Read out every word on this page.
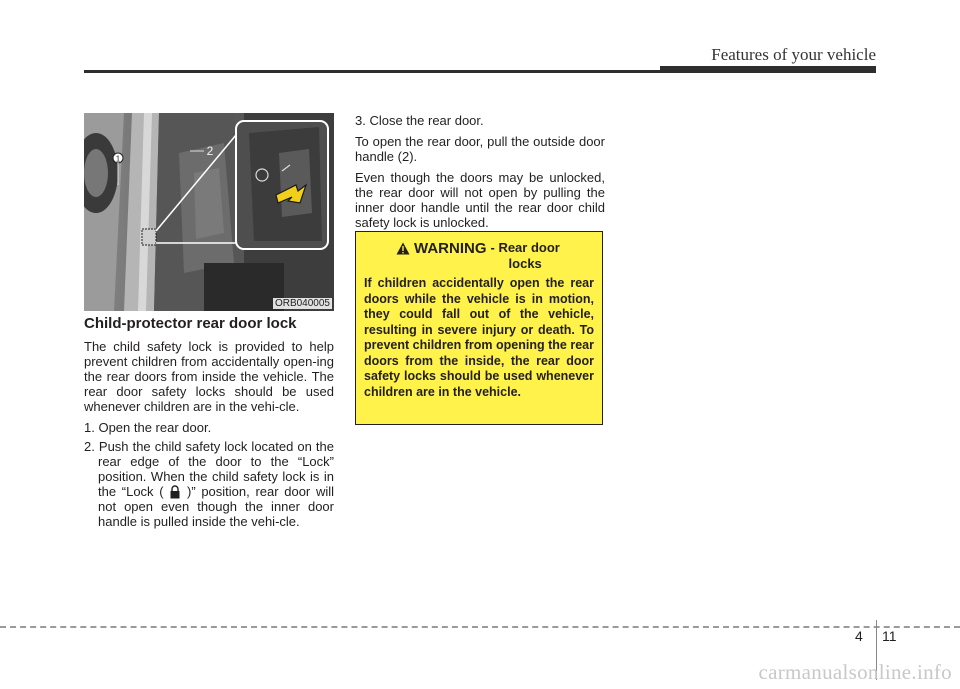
Features of your vehicle
1
2
ORB040005
Child-protector rear door lock

The child safety lock is provided to help prevent children from accidentally open-ing the rear doors from inside the vehicle. The rear door safety locks should be used whenever children are in the vehi-cle.

1. Open the rear door.
2. Push the child safety lock located on the rear edge of the door to the “Lock” position. When the child safety lock is in the “Lock ( )” position, rear door will not open even though the inner door handle is pulled inside the vehi-cle.

3. Close the rear door.

To open the rear door, pull the outside door handle (2).

Even though the doors may be unlocked, the rear door will not open by pulling the inner door handle until the rear door child safety lock is unlocked.

WARNING - Rear door
locks
If children accidentally open the rear doors while the vehicle is in motion, they could fall out of the vehicle, resulting in severe injury or death. To prevent children from opening the rear doors from the inside, the rear door safety locks should be used whenever children are in the vehicle.
4 11
carmanualsonline.info
